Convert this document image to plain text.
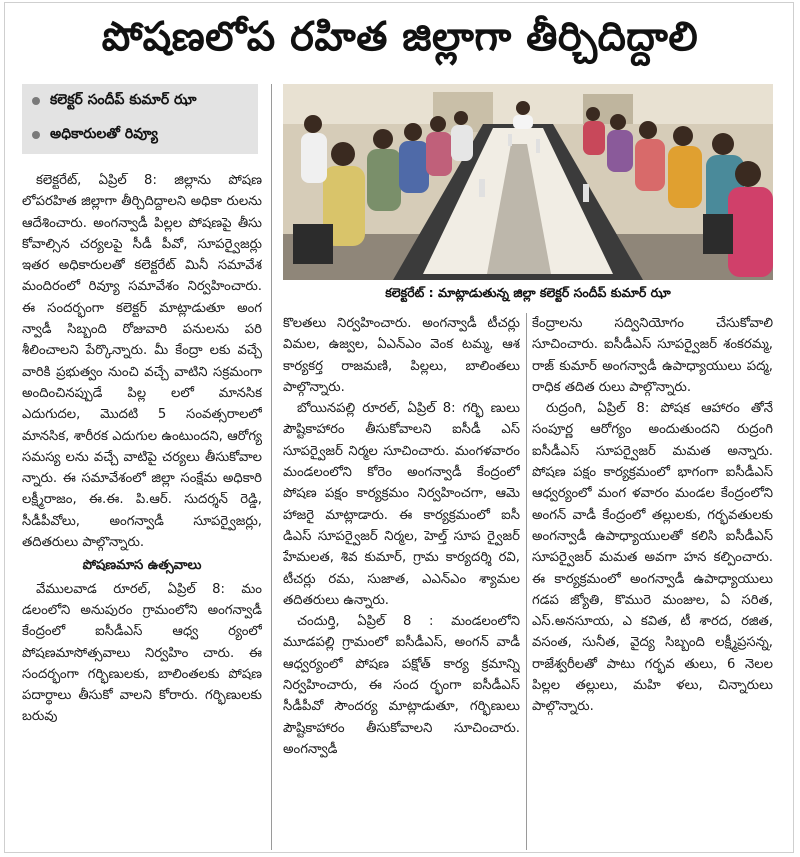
పోషణలోప రహిత జిల్లాగా తీర్చిదిద్దాలి
కలెక్టర్ సందీప్ కుమార్ ఝా
అధికారులతో రివ్యూ
కలెక్టరేట్ : మాట్లాడుతున్న జిల్లా కలెక్టర్ సందీప్ కుమార్ ఝా

కలెక్టరేట్, ఏప్రిల్ 8: జిల్లాను పోషణ లోపరహిత జిల్లాగా తీర్చిదిద్దాలని అధికా రులను ఆదేశించారు. అంగన్వాడీ పిల్లల పోషణపై తీసు కోవాల్సిన చర్యలపై సీడీ పీవో, సూపర్వైజర్లు ఇతర అధికారులతో కలెక్టరేట్ మినీ సమావేశ మందిరంలో రివ్యూ సమావేశం నిర్వహించారు. ఈ సందర్భంగా కలెక్టర్ మాట్లాడుతూ అంగ న్వాడీ సిబ్బంది రోజువారి పనులను పరి శీలించాలని పేర్కొన్నారు. మీ కేంద్రా లకు వచ్చే వారికి ప్రభుత్వం నుంచి వచ్చే వాటిని సక్రమంగా అందించినప్పుడే పిల్ల లలో మానసిక ఎదుగుదల, మొదటి 5 సంవత్సరాలలో మానసిక, శారీరక ఎదుగుల ఉంటుందని, ఆరోగ్య సమస్య లను వచ్చే వాటిపై చర్యలు తీసుకోవాల న్నారు. ఈ సమావేశంలో జిల్లా సంక్షేమ అధికారి లక్ష్మీరాజం, ఈ.ఈ. పి.ఆర్. సుదర్శన్ రెడ్డి, సీడీపీవోలు, అంగన్వాడీ సూపర్వైజర్లు, తదితరులు పాల్గొన్నారు.

పోషణమాస ఉత్సవాలు

వేములవాడ రూరల్, ఏప్రిల్ 8: మం డలంలోని అనుపురం గ్రామంలోని అంగన్వాడీ కేంద్రంలో ఐసీడీఎస్ ఆధ్వ ర్యంలో పోషణమాసోత్సవాలు నిర్వహిం చారు. ఈ సందర్భంగా గర్భిణులకు, బాలింతలకు పోషణ పదార్థాలు తీసుకో వాలని కోరారు. గర్భిణులకు బరువు

కొలతలు నిర్వహించారు. అంగన్వాడీ టీచర్లు విమల, ఉజ్వల, ఏఎన్ఎం వెంక టమ్మ, ఆశ కార్యకర్త రాజమణి, పిల్లలు, బాలింతలు పాల్గొన్నారు.

బోయినపల్లి రూరల్, ఏప్రిల్ 8: గర్భి ణులు పౌష్టికాహారం తీసుకోవాలని ఐసీడీ ఎస్ సూపర్వైజర్ నిర్మల సూచించారు. మంగళవారం మండలంలోని కోరెం అంగన్వాడీ కేంద్రంలో పోషణ పక్షం కార్యక్రమం నిర్వహించగా, ఆమె హాజరై మాట్లాడారు. ఈ కార్యక్రమంలో ఐసీ డిఎస్ సూపర్వైజర్ నిర్మల, హెల్త్ సూప ర్వైజర్ హేమలత, శివ కుమార్, గ్రామ కార్యదర్శి రవి, టీచర్లు రమ, సుజాత, ఎఎన్ఎం శ్యామల తదితరులు ఉన్నారు.

చందుర్తి, ఏప్రిల్ 8 : మండలంలోని మూడపల్లి గ్రామంలో ఐసీడీఎస్, అంగన్ వాడీ ఆధ్వర్యంలో పోషణ పక్షోత్ కార్య క్రమాన్ని నిర్వహించారు, ఈ సంద ర్భంగా ఐసీడీఎస్ సీడీపీవో సౌందర్య మాట్లాడుతూ, గర్భిణులు పౌష్టికాహారం తీసుకోవాలని సూచించారు. అంగన్వాడీ

కేంద్రాలను సద్వినియోగం చేసుకోవాలి సూచించారు. ఐసీడీఎస్ సూపర్వైజర్ శంకరమ్మ, రాజ్ కుమార్ అంగన్వాడీ ఉపాధ్యాయులు పద్మ, రాధిక తదిత రులు పాల్గొన్నారు.

రుద్రంగి, ఏప్రిల్ 8: పోషక ఆహారం తోనే సంపూర్ణ ఆరోగ్యం అందుతుందని రుద్రంగి ఐసీడీఎస్ సూపర్వైజర్ మమత అన్నారు. పోషణ పక్షం కార్యక్రమంలో భాగంగా ఐసీడీఎస్ ఆధ్వర్యంలో మంగ ళవారం మండల కేంద్రంలోని అంగన్ వాడీ కేంద్రంలో తల్లులకు, గర్భవతులకు అంగన్వాడీ ఉపాధ్యాయులతో కలిసి ఐసీడీఎస్ సూపర్వైజర్ మమత అవగా హన కల్పించారు. ఈ కార్యక్రమంలో అంగన్వాడీ ఉపాధ్యాయులు గడప జ్యోతి, కొమురె మంజుల, ఏ సరిత, ఎస్.అనసూయ, ఎ కవిత, టీ శారద, రజిత, వసంత, సునీత, వైద్య సిబ్బంది లక్ష్మీప్రసన్న, రాజేశ్వరీలతో పాటు గర్భవ తులు, 6 నెలల పిల్లల తల్లులు, మహి ళలు, చిన్నారులు పాల్గొన్నారు.
